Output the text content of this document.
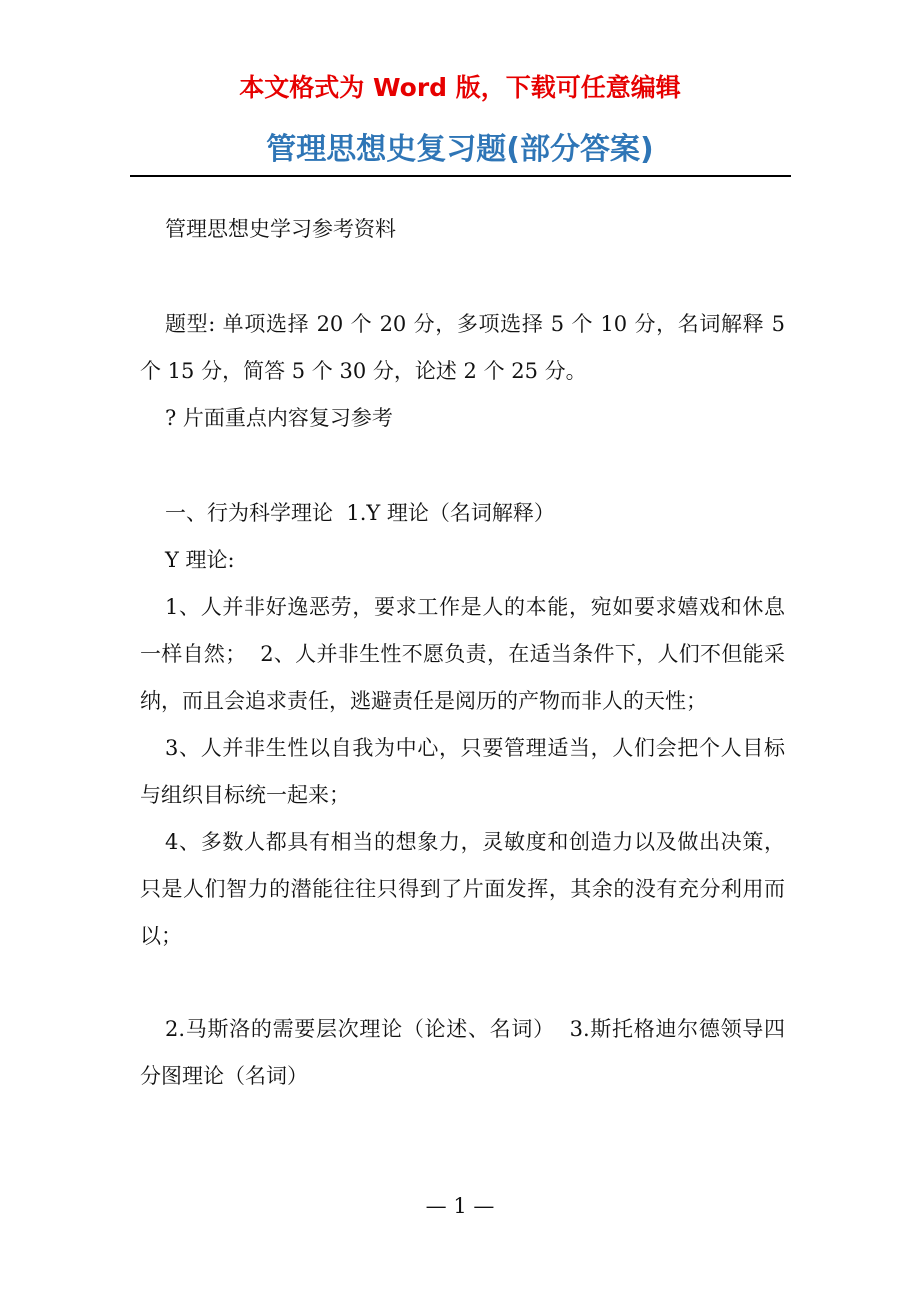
本文格式为 Word 版，下载可任意编辑
管理思想史复习题(部分答案)

管理思想史学习参考资料

题型: 单项选择 20 个 20 分，多项选择 5 个 10 分，名词解释 5 个 15 分，简答 5 个 30 分，论述 2 个 25 分。

? 片面重点内容复习参考

一、行为科学理论  1.Y 理论（名词解释）

Y 理论:

1、人并非好逸恶劳，要求工作是人的本能，宛如要求嬉戏和休息一样自然；  2、人并非生性不愿负责，在适当条件下，人们不但能采纳，而且会追求责任，逃避责任是阅历的产物而非人的天性；

3、人并非生性以自我为中心，只要管理适当，人们会把个人目标与组织目标统一起来；

4、多数人都具有相当的想象力，灵敏度和创造力以及做出决策，只是人们智力的潜能往往只得到了片面发挥，其余的没有充分利用而以；

2.马斯洛的需要层次理论（论述、名词）  3.斯托格迪尔德领导四分图理论（名词）

— 1 —
